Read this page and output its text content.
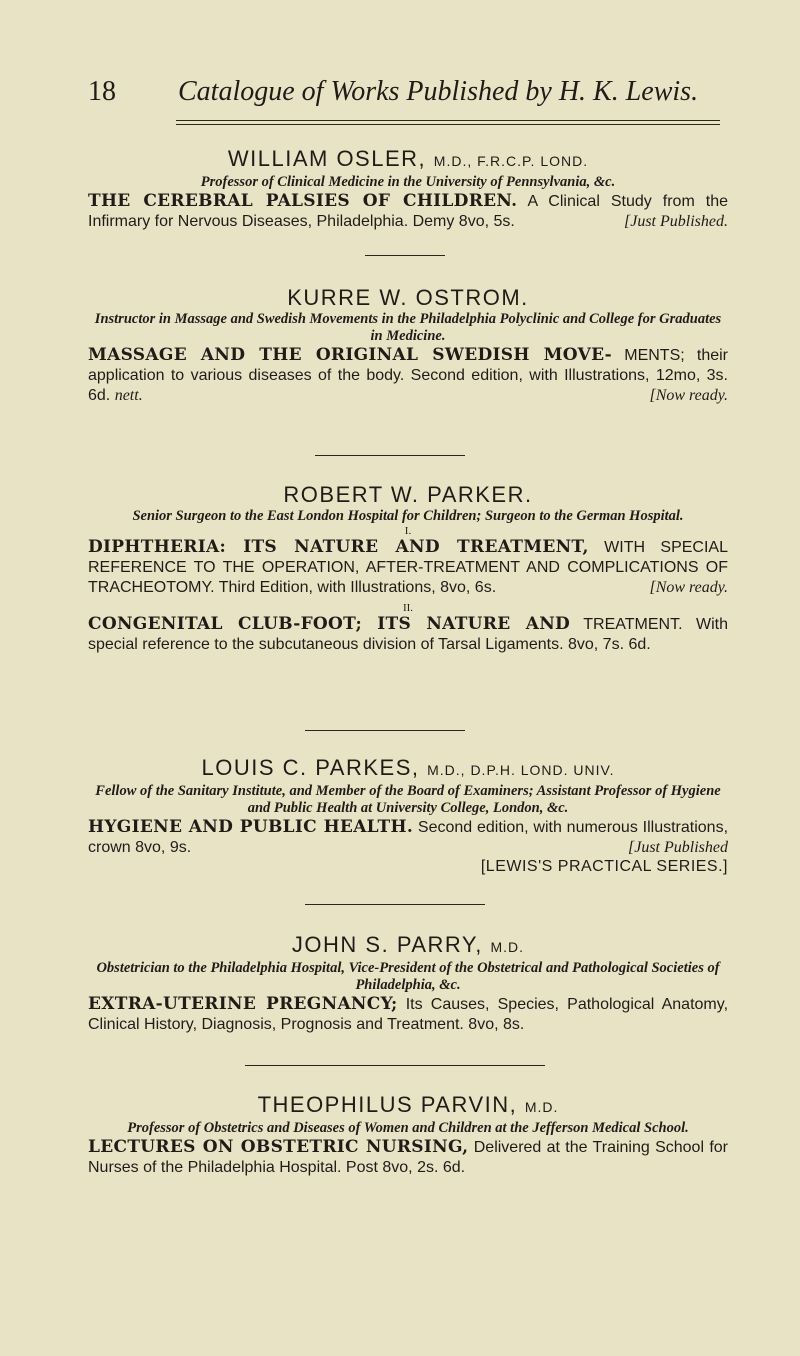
18 Catalogue of Works Published by H. K. Lewis.
WILLIAM OSLER, M.D., F.R.C.P. LOND.
Professor of Clinical Medicine in the University of Pennsylvania, &c.
THE CEREBRAL PALSIES OF CHILDREN. A Clinical Study from the Infirmary for Nervous Diseases, Philadelphia. Demy 8vo, 5s.	[Just Published.
KURRE W. OSTROM.
Instructor in Massage and Swedish Movements in the Philadelphia Polyclinic and College for Graduates in Medicine.
MASSAGE AND THE ORIGINAL SWEDISH MOVE- MENTS; their application to various diseases of the body. Second edition, with Illustrations, 12mo, 3s. 6d. nett.	[Now ready.
ROBERT W. PARKER.
Senior Surgeon to the East London Hospital for Children; Surgeon to the German Hospital.
I.
DIPHTHERIA: ITS NATURE AND TREATMENT, WITH SPECIAL REFERENCE TO THE OPERATION, AFTER-TREATMENT AND COMPLICATIONS OF TRACHEOTOMY. Third Edition, with Illustrations, 8vo, 6s.	[Now ready.
II.
CONGENITAL CLUB-FOOT; ITS NATURE AND TREATMENT. With special reference to the subcutaneous division of Tarsal Ligaments. 8vo, 7s. 6d.
LOUIS C. PARKES, M.D., D.P.H. LOND. UNIV.
Fellow of the Sanitary Institute, and Member of the Board of Examiners; Assistant Professor of Hygiene and Public Health at University College, London, &c.
HYGIENE AND PUBLIC HEALTH. Second edition, with numerous Illustrations, crown 8vo, 9s.	[Just Published
[LEWIS'S PRACTICAL SERIES.]
JOHN S. PARRY, M.D.
Obstetrician to the Philadelphia Hospital, Vice-President of the Obstetrical and Pathological Societies of Philadelphia, &c.
EXTRA-UTERINE PREGNANCY; Its Causes, Species, Pathological Anatomy, Clinical History, Diagnosis, Prognosis and Treatment. 8vo, 8s.
THEOPHILUS PARVIN, M.D.
Professor of Obstetrics and Diseases of Women and Children at the Jefferson Medical School.
LECTURES ON OBSTETRIC NURSING, Delivered at the Training School for Nurses of the Philadelphia Hospital. Post 8vo, 2s. 6d.
